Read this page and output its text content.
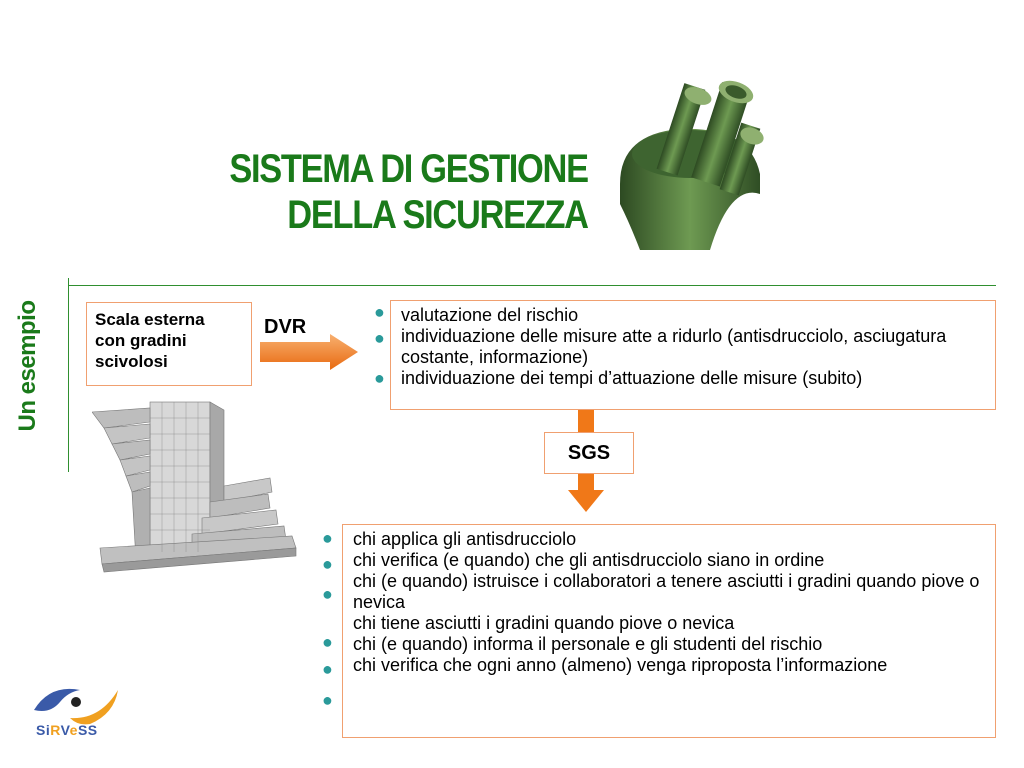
SISTEMA DI GESTIONE
DELLA SICUREZZA
Un esempio	Scala esterna
con gradini
scivolosi
DVR

valutazione del rischio

individuazione delle misure atte a ridurlo (antisdrucciolo, asciugatura costante, informazione)

individuazione dei tempi d’attuazione delle misure (subito)

●
●
●
SGS

chi applica gli antisdrucciolo

chi verifica (e quando) che gli antisdrucciolo siano in ordine

chi (e quando) istruisce i collaboratori a tenere asciutti i gradini quando piove o nevica

chi tiene asciutti i gradini quando piove o nevica

chi (e quando) informa il personale e gli studenti del rischio

chi verifica che ogni anno (almeno) venga riproposta l’informazione

●
●
●
●
●
●
SiRVeSS
